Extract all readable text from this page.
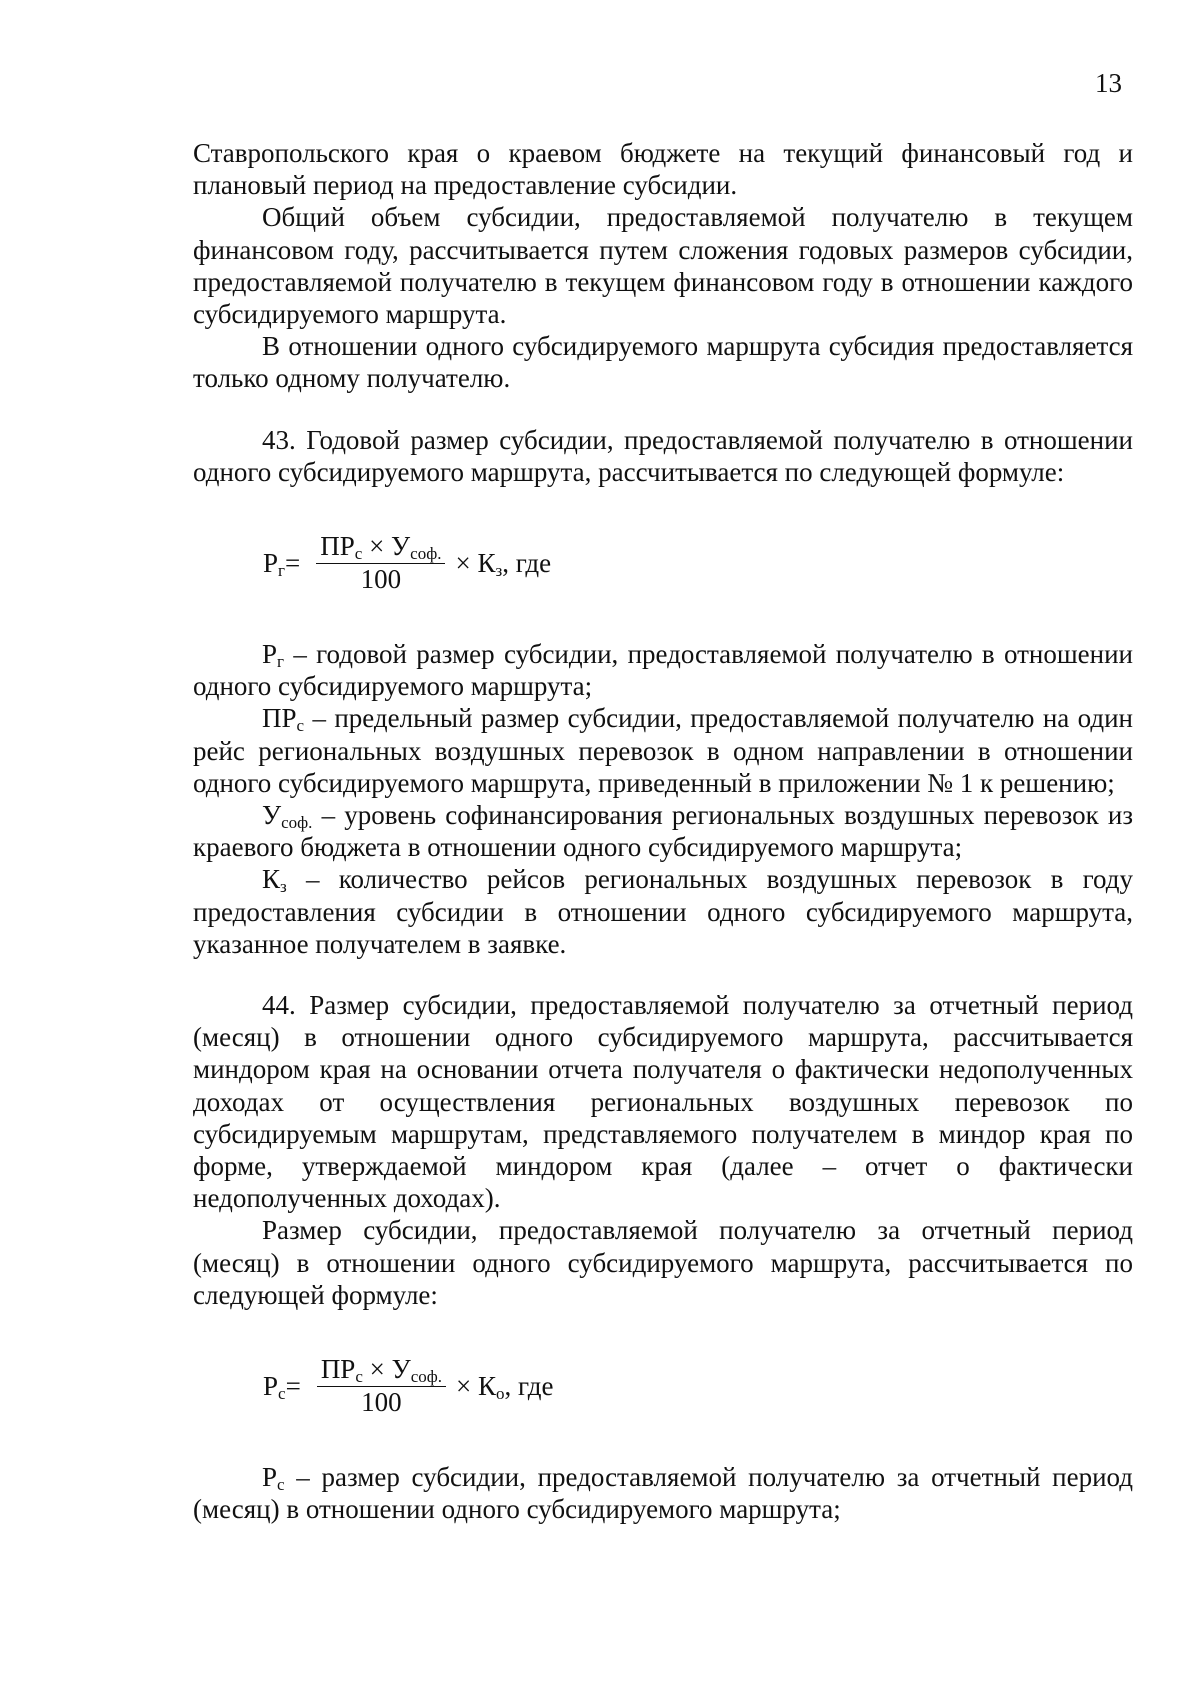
13

Ставропольского края о краевом бюджете на текущий финансовый год и плановый период на предоставление субсидии.

Общий объем субсидии, предоставляемой получателю в текущем финансовом году, рассчитывается путем сложения годовых размеров субсидии, предоставляемой получателю в текущем финансовом году в отношении каждого субсидируемого маршрута.

В отношении одного субсидируемого маршрута субсидия предоставляется только одному получателю.

43. Годовой размер субсидии, предоставляемой получателю в отношении одного субсидируемого маршрута, рассчитывается по следующей формуле:

$Р_г= \frac{ПР_с \times У_{соф.}}{100} \times К_з$, где

$Р_г$ – годовой размер субсидии, предоставляемой получателю в отношении одного субсидируемого маршрута;

$ПР_с$ – предельный размер субсидии, предоставляемой получателю на один рейс региональных воздушных перевозок в одном направлении в отношении одного субсидируемого маршрута, приведенный в приложении № 1 к решению;

$У_{соф.}$ – уровень софинансирования региональных воздушных перевозок из краевого бюджета в отношении одного субсидируемого маршрута;

$К_з$ – количество рейсов региональных воздушных перевозок в году предоставления субсидии в отношении одного субсидируемого маршрута, указанное получателем в заявке.

44. Размер субсидии, предоставляемой получателю за отчетный период (месяц) в отношении одного субсидируемого маршрута, рассчитывается миндором края на основании отчета получателя о фактически недополученных доходах от осуществления региональных воздушных перевозок по субсидируемым маршрутам, представляемого получателем в миндор края по форме, утверждаемой миндором края (далее – отчет о фактически недополученных доходах).

Размер субсидии, предоставляемой получателю за отчетный период (месяц) в отношении одного субсидируемого маршрута, рассчитывается по следующей формуле:

$Р_с= \frac{ПР_с \times У_{соф.}}{100} \times К_о$, где

$Р_с$ – размер субсидии, предоставляемой получателю за отчетный период (месяц) в отношении одного субсидируемого маршрута;
